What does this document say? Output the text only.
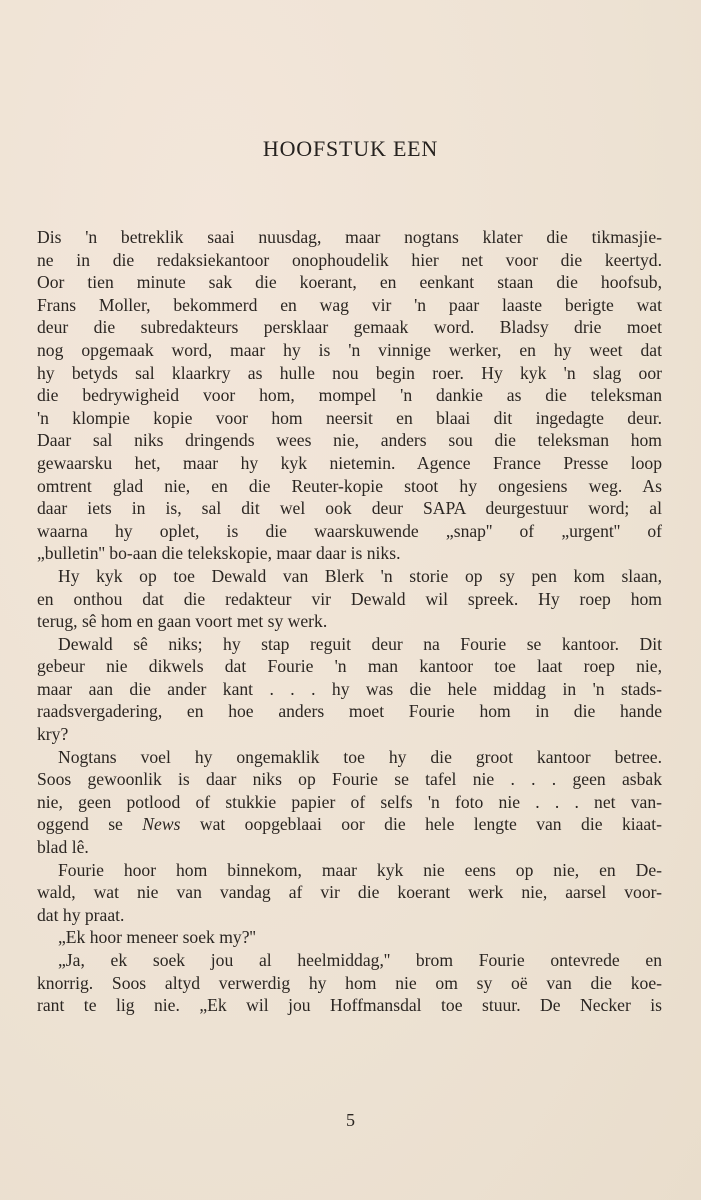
HOOFSTUK EEN
Dis 'n betreklik saai nuusdag, maar nogtans klater die tikmasjie-
ne in die redaksiekantoor onophoudelik hier net voor die keertyd.
Oor tien minute sak die koerant, en eenkant staan die hoofsub,
Frans Moller, bekommerd en wag vir 'n paar laaste berigte wat
deur die subredakteurs persklaar gemaak word. Bladsy drie moet
nog opgemaak word, maar hy is 'n vinnige werker, en hy weet dat
hy betyds sal klaarkry as hulle nou begin roer. Hy kyk 'n slag oor
die bedrywigheid voor hom, mompel 'n dankie as die teleksman
'n klompie kopie voor hom neersit en blaai dit ingedagte deur.
Daar sal niks dringends wees nie, anders sou die teleksman hom
gewaarsku het, maar hy kyk nietemin. Agence France Presse loop
omtrent glad nie, en die Reuter-kopie stoot hy ongesiens weg. As
daar iets in is, sal dit wel ook deur SAPA deurgestuur word; al
waarna hy oplet, is die waarskuwende „snap'' of „urgent'' of
„bulletin'' bo-aan die telekskopie, maar daar is niks.
Hy kyk op toe Dewald van Blerk 'n storie op sy pen kom slaan,
en onthou dat die redakteur vir Dewald wil spreek. Hy roep hom
terug, sê hom en gaan voort met sy werk.
Dewald sê niks; hy stap reguit deur na Fourie se kantoor. Dit
gebeur nie dikwels dat Fourie 'n man kantoor toe laat roep nie,
maar aan die ander kant . . . hy was die hele middag in 'n stads-
raadsvergadering, en hoe anders moet Fourie hom in die hande
kry?
Nogtans voel hy ongemaklik toe hy die groot kantoor betree.
Soos gewoonlik is daar niks op Fourie se tafel nie . . . geen asbak
nie, geen potlood of stukkie papier of selfs 'n foto nie . . . net van-
oggend se News wat oopgeblaai oor die hele lengte van die kiaat-
blad lê.
Fourie hoor hom binnekom, maar kyk nie eens op nie, en De-
wald, wat nie van vandag af vir die koerant werk nie, aarsel voor-
dat hy praat.
„Ek hoor meneer soek my?''
„Ja, ek soek jou al heelmiddag,'' brom Fourie ontevrede en
knorrig. Soos altyd verwerdig hy hom nie om sy oë van die koe-
rant te lig nie. „Ek wil jou Hoffmansdal toe stuur. De Necker is
5
